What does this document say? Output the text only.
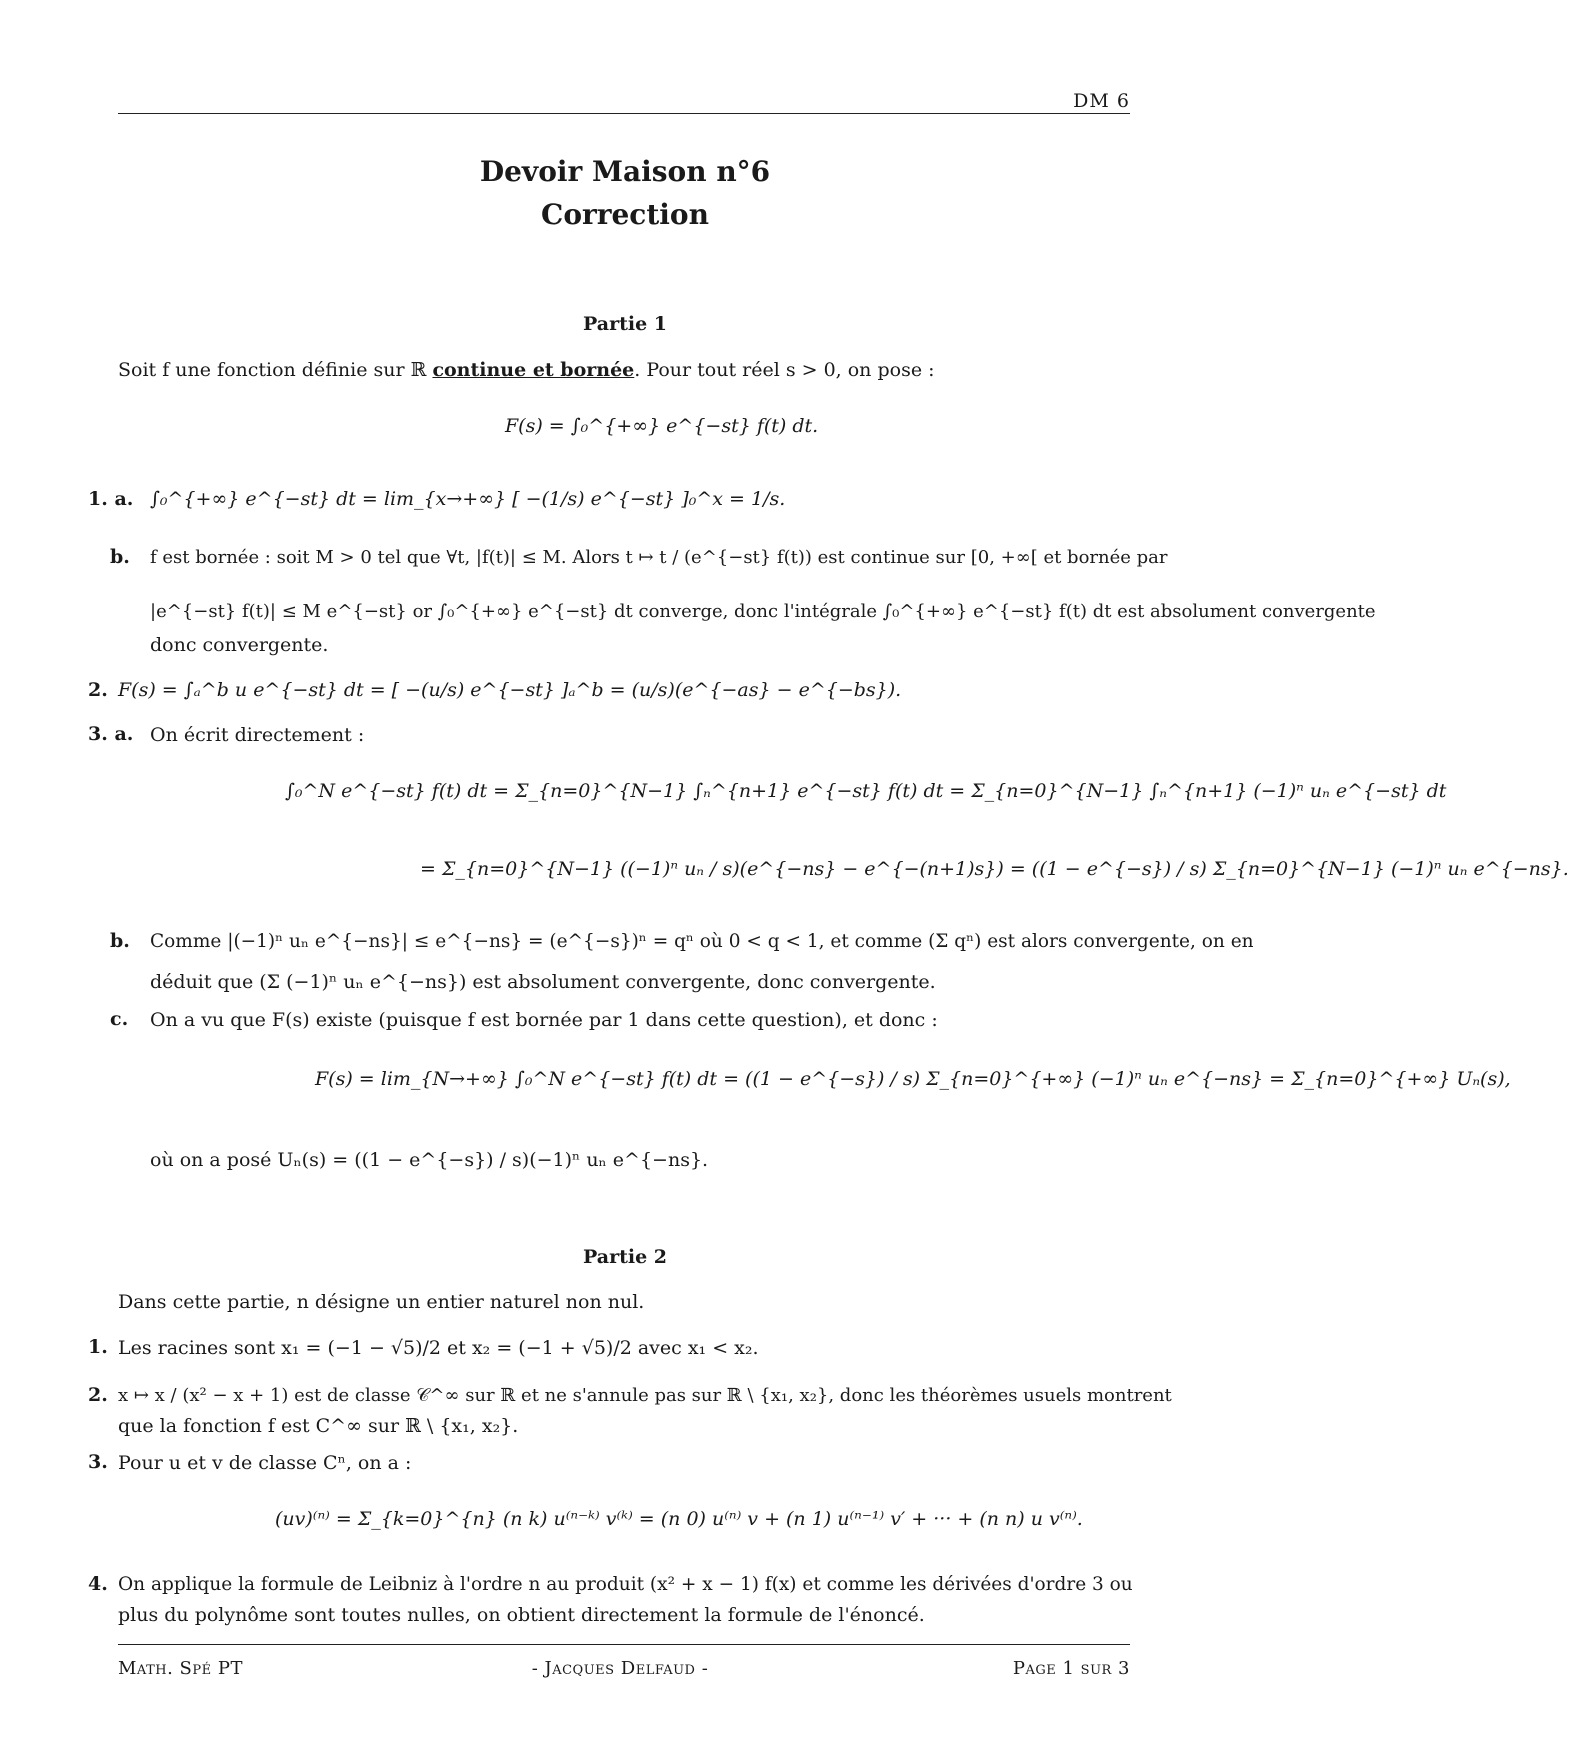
DM 6
Devoir Maison n°6
Correction
Partie 1
Soit f une fonction définie sur ℝ continue et bornée. Pour tout réel s > 0, on pose :
F(s) = ∫₀^{+∞} e^{−st} f(t) dt.
1. a. ∫₀^{+∞} e^{−st} dt = lim_{x→+∞} [ −(1/s) e^{−st} ]₀^x = 1/s.
b. f est bornée : soit M > 0 tel que ∀t, |f(t)| ≤ M. Alors t ↦ t / (e^{−st} f(t)) est continue sur [0, +∞[ et bornée par
|e^{−st} f(t)| ≤ M e^{−st} or ∫₀^{+∞} e^{−st} dt converge, donc l'intégrale ∫₀^{+∞} e^{−st} f(t) dt est absolument convergente
donc convergente.
2. F(s) = ∫ₐ^b u e^{−st} dt = [ −(u/s) e^{−st} ]ₐ^b = (u/s)(e^{−as} − e^{−bs}).
3. a. On écrit directement :
∫₀^N e^{−st} f(t) dt = Σ_{n=0}^{N−1} ∫ₙ^{n+1} e^{−st} f(t) dt = Σ_{n=0}^{N−1} ∫ₙ^{n+1} (−1)ⁿ uₙ e^{−st} dt
= Σ_{n=0}^{N−1} ((−1)ⁿ uₙ / s)(e^{−ns} − e^{−(n+1)s}) = ((1 − e^{−s}) / s) Σ_{n=0}^{N−1} (−1)ⁿ uₙ e^{−ns}.
b. Comme |(−1)ⁿ uₙ e^{−ns}| ≤ e^{−ns} = (e^{−s})ⁿ = qⁿ où 0 < q < 1, et comme (Σ qⁿ) est alors convergente, on en
déduit que (Σ (−1)ⁿ uₙ e^{−ns}) est absolument convergente, donc convergente.
c. On a vu que F(s) existe (puisque f est bornée par 1 dans cette question), et donc :
F(s) = lim_{N→+∞} ∫₀^N e^{−st} f(t) dt = ((1 − e^{−s}) / s) Σ_{n=0}^{+∞} (−1)ⁿ uₙ e^{−ns} = Σ_{n=0}^{+∞} Uₙ(s),
où on a posé Uₙ(s) = ((1 − e^{−s}) / s)(−1)ⁿ uₙ e^{−ns}.
Partie 2
Dans cette partie, n désigne un entier naturel non nul.
1. Les racines sont x₁ = (−1 − √5)/2 et x₂ = (−1 + √5)/2 avec x₁ < x₂.
2. x ↦ x / (x² − x + 1) est de classe 𝒞^∞ sur ℝ et ne s'annule pas sur ℝ \ {x₁, x₂}, donc les théorèmes usuels montrent
que la fonction f est C^∞ sur ℝ \ {x₁, x₂}.
3. Pour u et v de classe Cⁿ, on a :
(uv)⁽ⁿ⁾ = Σ_{k=0}^{n} (n k) u⁽ⁿ⁻ᵏ⁾ v⁽ᵏ⁾ = (n 0) u⁽ⁿ⁾ v + (n 1) u⁽ⁿ⁻¹⁾ v′ + ··· + (n n) u v⁽ⁿ⁾.
4. On applique la formule de Leibniz à l'ordre n au produit (x² + x − 1) f(x) et comme les dérivées d'ordre 3 ou
plus du polynôme sont toutes nulles, on obtient directement la formule de l'énoncé.
Math. Spé PT	- Jacques Delfaud -	Page 1 sur 3
